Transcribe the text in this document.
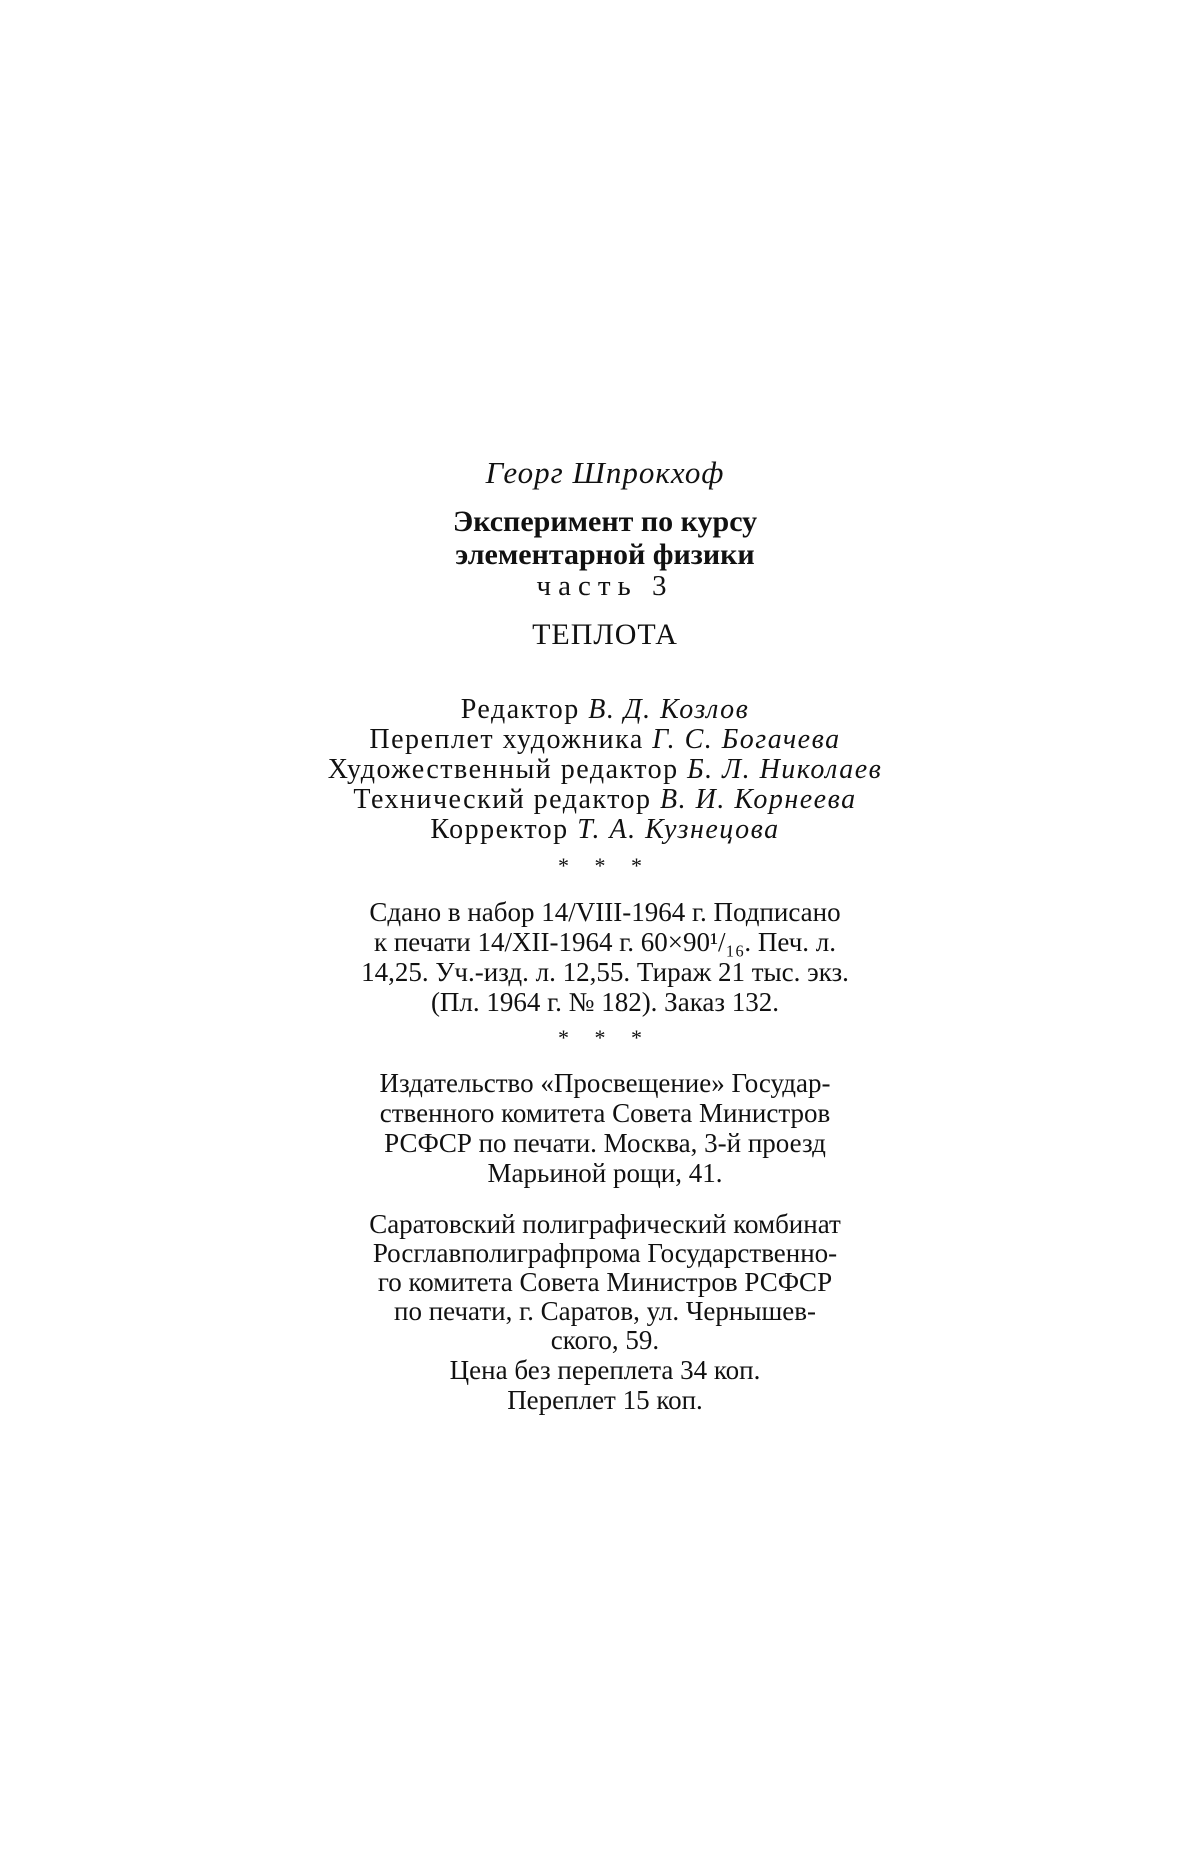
Георг Шпрокхоф
Эксперимент по курсу
элементарной физики
часть 3
ТЕПЛОТА
Редактор В. Д. Козлов
Переплет художника Г. С. Богачева
Художественный редактор Б. Л. Николаев
Технический редактор В. И. Корнеева
Корректор Т. А. Кузнецова
* * *
Сдано в набор 14/VIII-1964 г. Подписано
к печати 14/XII-1964 г. 60×90¹/₁₆. Печ. л.
14,25. Уч.-изд. л. 12,55. Тираж 21 тыс. экз.
(Пл. 1964 г. № 182). Заказ 132.
* * *
Издательство «Просвещение» Государ-
ственного комитета Совета Министров
РСФСР по печати. Москва, 3-й проезд
Марьиной рощи, 41.
Саратовский полиграфический комбинат
Росглавполиграфпрома Государственно-
го комитета Совета Министров РСФСР
по печати, г. Саратов, ул. Чернышев-
ского, 59.
Цена без переплета 34 коп.
Переплет 15 коп.
